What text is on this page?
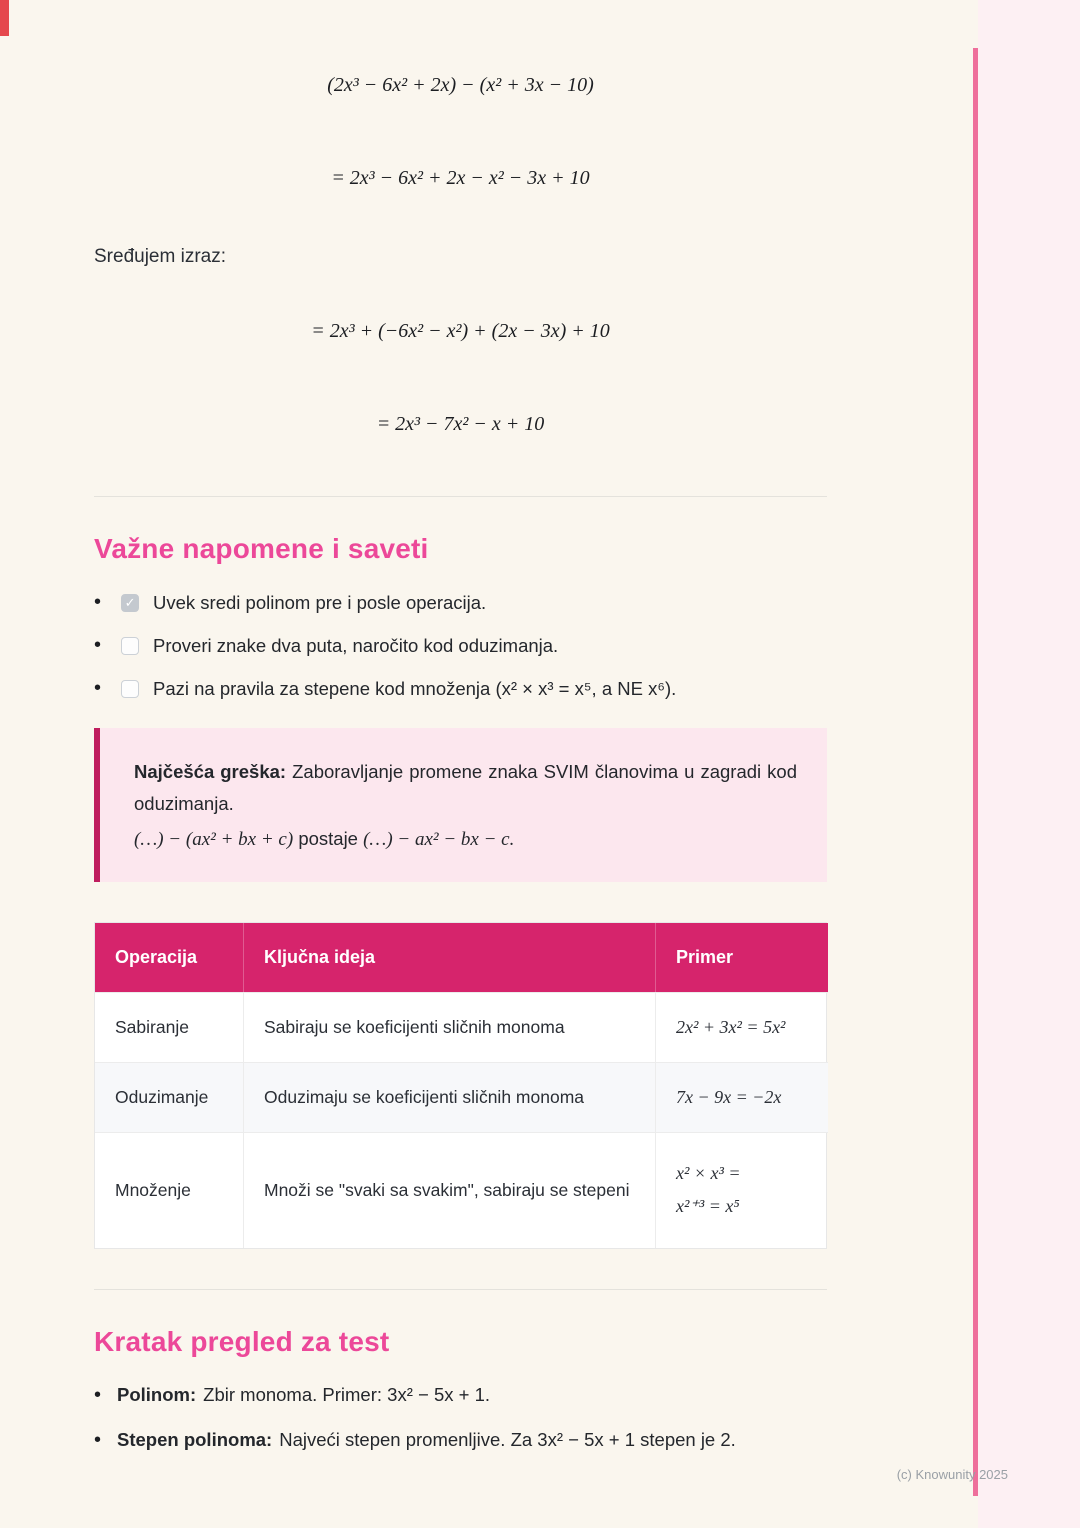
(2x³ − 6x² + 2x) − (x² + 3x − 10)
= 2x³ − 6x² + 2x − x² − 3x + 10
Sređujem izraz:
= 2x³ + (−6x² − x²) + (2x − 3x) + 10
= 2x³ − 7x² − x + 10
Važne napomene i saveti
✓
• Uvek sredi polinom pre i posle operacija.
• Proveri znake dva puta, naročito kod oduzimanja.
• Pazi na pravila za stepene kod množenja (x² × x³ = x⁵, a NE x⁶).
Najčešća greška: Zaboravljanje promene znaka SVIM članovima u zagradi kod oduzimanja.
(…) − (ax² + bx + c) postaje (…) − ax² − bx − c.
Operacija	Ključna ideja	Primer
Sabiranje	Sabiraju se koeficijenti sličnih monoma	2x² + 3x² = 5x²
Oduzimanje	Oduzimaju se koeficijenti sličnih monoma	7x − 9x = −2x
Množenje	Množi se "svaki sa svakim", sabiraju se stepeni
x² × x³ =
x²⁺³ = x⁵
Kratak pregled za test
• Polinom: Zbir monoma. Primer: 3x² − 5x + 1.
• Stepen polinoma: Najveći stepen promenljive. Za 3x² − 5x + 1 stepen je 2.
(c) Knowunity 2025
